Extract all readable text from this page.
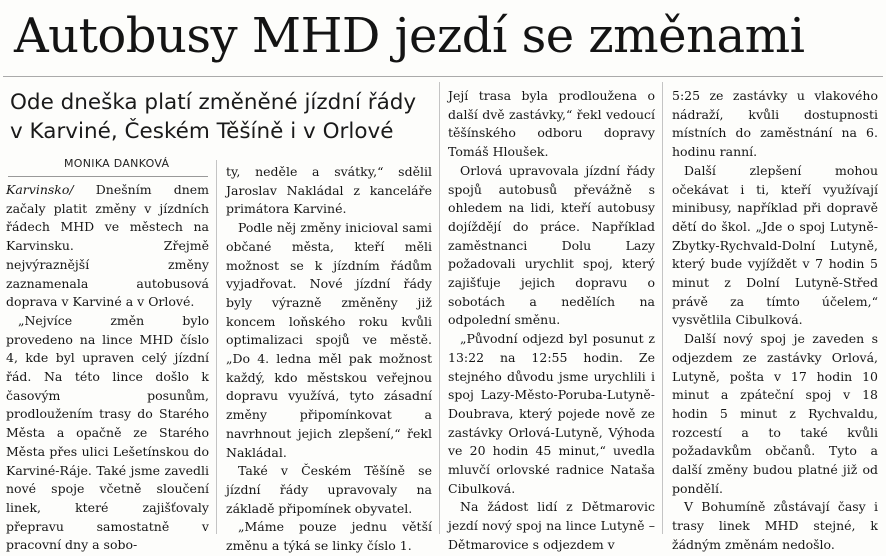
Autobusy MHD jezdí se změnami
Ode dneška platí změněné jízdní řády
v Karviné, Českém Těšíně i v Orlové
MONIKA DANKOVÁ

Karvinsko/ Dnešním dnem začaly platit změny v jízdních řádech MHD ve městech na Karvinsku. Zřejmě nejvýraznější změny zaznamenala autobusová doprava v Karviné a v Orlové.

„Nejvíce změn bylo provedeno na lince MHD číslo 4, kde byl upraven celý jízdní řád. Na této lince došlo k časovým posunům, prodloužením trasy do Starého Města a opačně ze Starého Města přes ulici Lešetínskou do Karviné-Ráje. Také jsme zavedli nové spoje včetně sloučení linek, které zajišťovaly přepravu samostatně v pracovní dny a sobo-

ty, neděle a svátky,“ sdělil Jaroslav Nakládal z kanceláře primátora Karviné.

Podle něj změny inicioval sami občané města, kteří měli možnost se k jízdním řádům vyjadřovat. Nové jízdní řády byly výrazně změněny již koncem loňského roku kvůli optimalizaci spojů ve městě. „Do 4. ledna měl pak možnost každý, kdo městskou veřejnou dopravu využívá, tyto zásadní změny připomínkovat a navrhnout jejich zlepšení,“ řekl Nakládal.

Také v Českém Těšíně se jízdní řády upravovaly na základě připomínek obyvatel.

„Máme pouze jednu větší změnu a týká se linky číslo 1.

Její trasa byla prodloužena o další dvě zastávky,“ řekl vedoucí těšínského odboru dopravy Tomáš Hloušek.

Orlová upravovala jízdní řády spojů autobusů převážně s ohledem na lidi, kteří autobusy dojíždějí do práce. Například zaměstnanci Dolu Lazy požadovali urychlit spoj, který zajišťuje jejich dopravu o sobotách a nedělích na odpolední směnu.

„Původní odjezd byl posunut z 13:22 na 12:55 hodin. Ze stejného důvodu jsme urychlili i spoj Lazy-Město-Poruba-Lutyně-Doubrava, který pojede nově ze zastávky Orlová-Lutyně, Výhoda ve 20 hodin 45 minut,“ uvedla mluvčí orlovské radnice Nataša Cibulková.

Na žádost lidí z Dětmarovic jezdí nový spoj na lince Lutyně – Dětmarovice s odjezdem v

5:25 ze zastávky u vlakového nádraží, kvůli dostupnosti místních do zaměstnání na 6. hodinu ranní.

Další zlepšení mohou očekávat i ti, kteří využívají minibusy, například při dopravě dětí do škol. „Jde o spoj Lutyně-Zbytky-Rychvald-Dolní Lutyně, který bude vyjíždět v 7 hodin 5 minut z Dolní Lutyně-Střed právě za tímto účelem,“ vysvětlila Cibulková.

Další nový spoj je zaveden s odjezdem ze zastávky Orlová, Lutyně, pošta v 17 hodin 10 minut a zpáteční spoj v 18 hodin 5 minut z Rychvaldu, rozcestí a to také kvůli požadavkům občanů. Tyto a další změny budou platné již od pondělí.

V Bohumíně zůstávají časy i trasy linek MHD stejné, k žádným změnám nedošlo.
